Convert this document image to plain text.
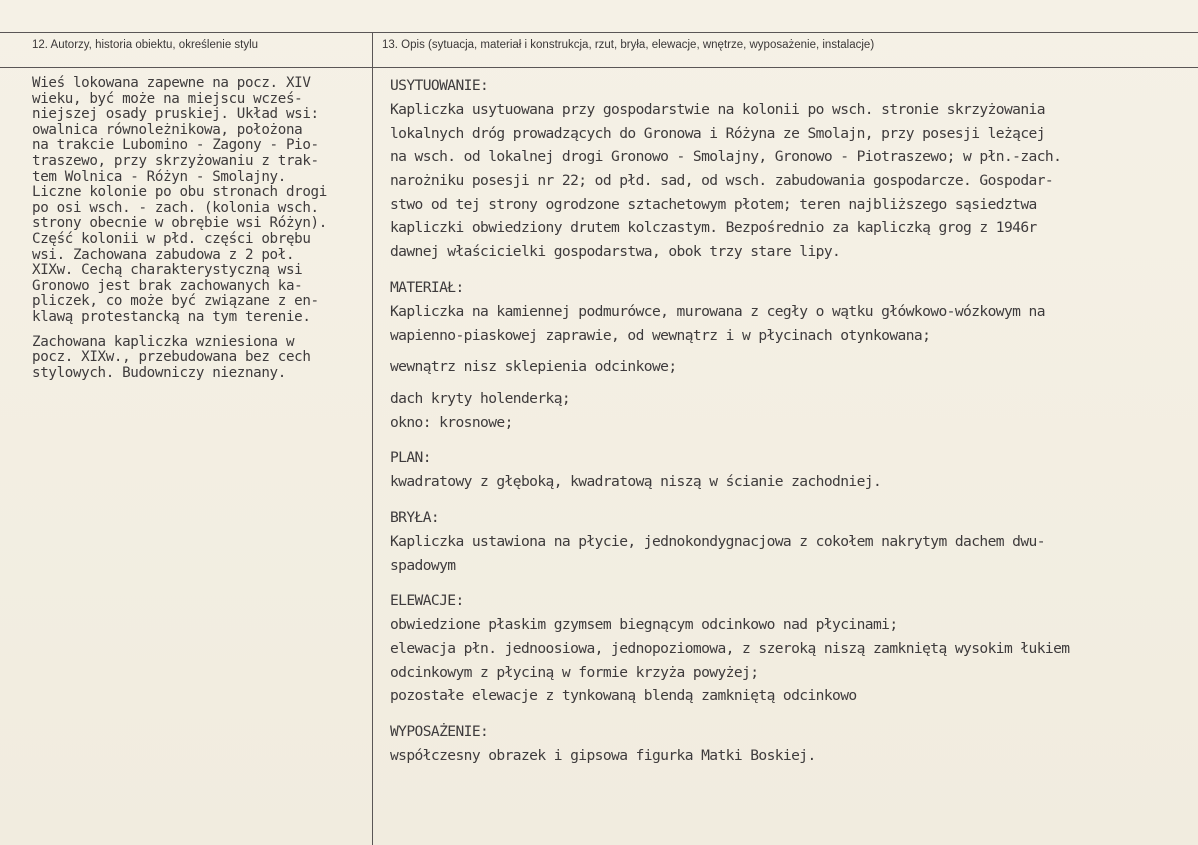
12. Autorzy, historia obiektu, określenie stylu	13. Opis (sytuacja, materiał i konstrukcja, rzut, bryła, elewacje, wnętrze, wyposażenie, instalacje)
Wieś lokowana zapewne na pocz. XIV
wieku, być może na miejscu wcześ-
niejszej osady pruskiej. Układ wsi:
owalnica równoleżnikowa, położona
na trakcie Lubomino - Zagony - Pio-
traszewo, przy skrzyżowaniu z trak-
tem Wolnica - Różyn - Smolajny.
Liczne kolonie po obu stronach drogi
po osi wsch. - zach. (kolonia wsch.
strony obecnie w obrębie wsi Różyn).
Część kolonii w płd. części obrębu
wsi. Zachowana zabudowa z 2 poł.
XIXw. Cechą charakterystyczną wsi
Gronowo jest brak zachowanych ka-
pliczek, co może być związane z en-
klawą protestancką na tym terenie.
Zachowana kapliczka wzniesiona w
pocz. XIXw., przebudowana bez cech
stylowych. Budowniczy nieznany.
USYTUOWANIE:
Kapliczka usytuowana przy gospodarstwie na kolonii po wsch. stronie skrzyżowania
lokalnych dróg prowadzących do Gronowa i Różyna ze Smolajn, przy posesji leżącej
na wsch. od lokalnej drogi Gronowo - Smolajny, Gronowo - Piotraszewo; w płn.-zach.
narożniku posesji nr 22; od płd. sad, od wsch. zabudowania gospodarcze. Gospodar-
stwo od tej strony ogrodzone sztachetowym płotem; teren najbliższego sąsiedztwa
kapliczki obwiedziony drutem kolczastym. Bezpośrednio za kapliczką grog z 1946r
dawnej właścicielki gospodarstwa, obok trzy stare lipy.
MATERIAŁ:
Kapliczka na kamiennej podmurówce, murowana z cegły o wątku główkowo-wózkowym na
wapienno-piaskowej zaprawie, od wewnątrz i w płycinach otynkowana;
wewnątrz nisz sklepienia odcinkowe;
dach kryty holenderką;
okno: krosnowe;
PLAN:
kwadratowy z głęboką, kwadratową niszą w ścianie zachodniej.
BRYŁA:
Kapliczka ustawiona na płycie, jednokondygnacjowa z cokołem nakrytym dachem dwu-
spadowym
ELEWACJE:
obwiedzione płaskim gzymsem biegnącym odcinkowo nad płycinami;
elewacja płn. jednoosiowa, jednopoziomowa, z szeroką niszą zamkniętą wysokim łukiem
odcinkowym z płyciną w formie krzyża powyżej;
pozostałe elewacje z tynkowaną blendą zamkniętą odcinkowo
WYPOSAŻENIE:
współczesny obrazek i gipsowa figurka Matki Boskiej.
